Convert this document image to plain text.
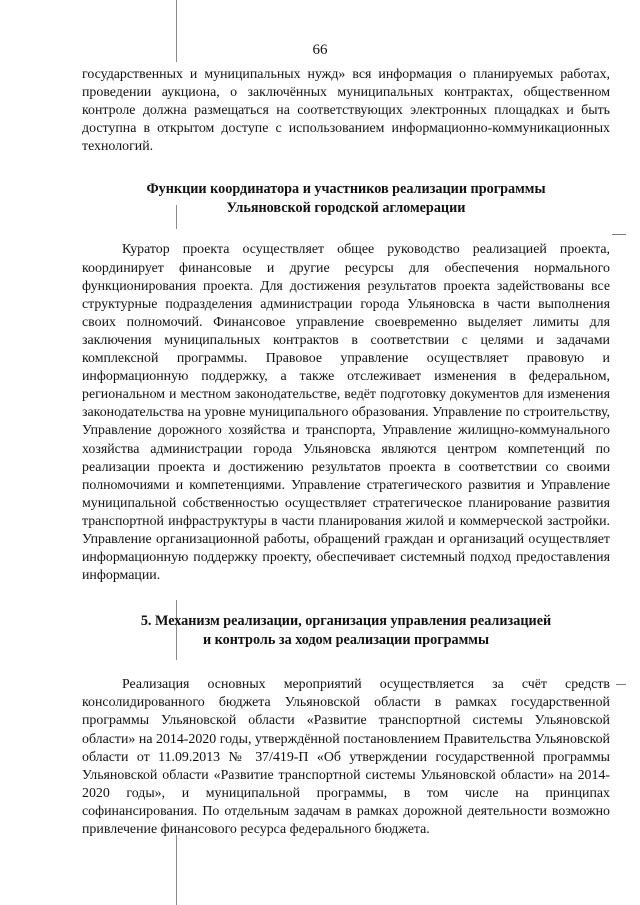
66

государственных и муниципальных нужд» вся информация о планируемых работах, проведении аукциона, о заключённых муниципальных контрактах, общественном контроле должна размещаться на соответствующих электронных площадках и быть доступна в открытом доступе с использованием информационно-коммуникационных технологий.

Функции координатора и участников реализации программы
Ульяновской городской агломерации

Куратор проекта осуществляет общее руководство реализацией проекта, координирует финансовые и другие ресурсы для обеспечения нормального функционирования проекта. Для достижения результатов проекта задействованы все структурные подразделения администрации города Ульяновска в части выполнения своих полномочий. Финансовое управление своевременно выделяет лимиты для заключения муниципальных контрактов в соответствии с целями и задачами комплексной программы. Правовое управление осуществляет правовую и информационную поддержку, а также отслеживает изменения в федеральном, региональном и местном законодательстве, ведёт подготовку документов для изменения законодательства на уровне муниципального образования. Управление по строительству, Управление дорожного хозяйства и транспорта, Управление жилищно-коммунального хозяйства администрации города Ульяновска являются центром компетенций по реализации проекта и достижению результатов проекта в соответствии со своими полномочиями и компетенциями. Управление стратегического развития и Управление муниципальной собственностью осуществляет стратегическое планирование развития транспортной инфраструктуры в части планирования жилой и коммерческой застройки. Управление организационной работы, обращений граждан и организаций осуществляет информационную поддержку проекту, обеспечивает системный подход предоставления информации.

5. Механизм реализации, организация управления реализацией
и контроль за ходом реализации программы

Реализация основных мероприятий осуществляется за счёт средств консолидированного бюджета Ульяновской области в рамках государственной программы Ульяновской области «Развитие транспортной системы Ульяновской области» на 2014-2020 годы, утверждённой постановлением Правительства Ульяновской области от 11.09.2013 № 37/419-П «Об утверждении государственной программы Ульяновской области «Развитие транспортной системы Ульяновской области» на 2014-2020 годы», и муниципальной программы, в том числе на принципах софинансирования. По отдельным задачам в рамках дорожной деятельности возможно привлечение финансового ресурса федерального бюджета.
